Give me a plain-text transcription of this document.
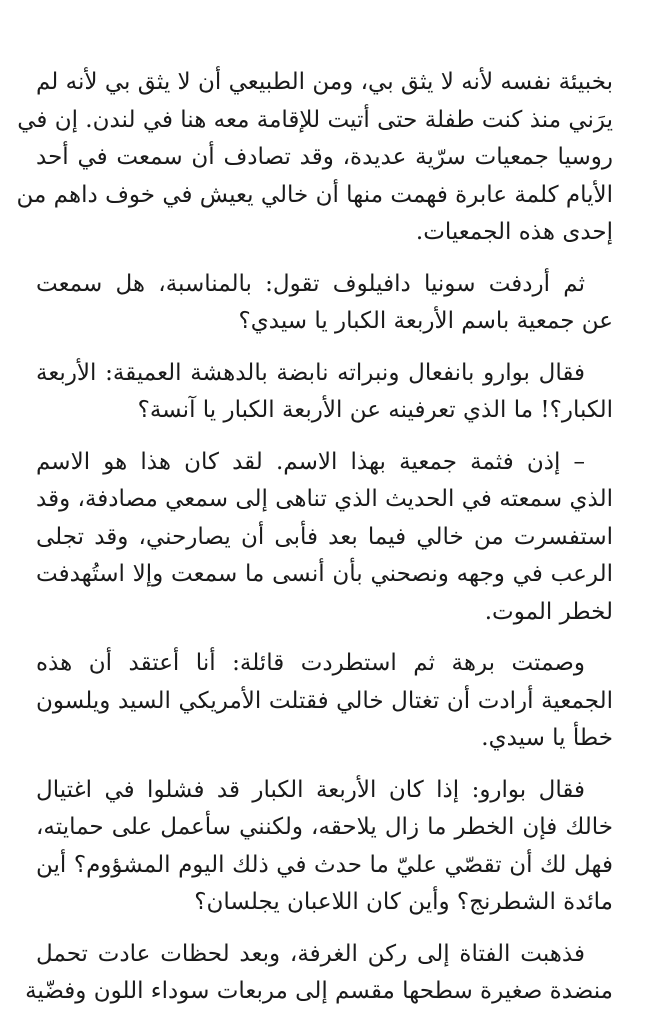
بخبيئة نفسه لأنه لا يثق بي، ومن الطبيعي أن لا يثق بي لأنه لم
يرَني منذ كنت طفلة حتى أتيت للإقامة معه هنا في لندن. إن في
روسيا جمعيات سرّية عديدة، وقد تصادف أن سمعت في أحد
الأيام كلمة عابرة فهمت منها أن خالي يعيش في خوف داهم من
إحدى هذه الجمعيات.

ثم أردفت سونيا دافيلوف تقول: بالمناسبة، هل سمعت
عن جمعية باسم الأربعة الكبار يا سيدي؟

فقال بوارو بانفعال ونبراته نابضة بالدهشة العميقة: الأربعة
الكبار؟! ما الذي تعرفينه عن الأربعة الكبار يا آنسة؟

– إذن فثمة جمعية بهذا الاسم. لقد كان هذا هو الاسم
الذي سمعته في الحديث الذي تناهى إلى سمعي مصادفة، وقد
استفسرت من خالي فيما بعد فأبى أن يصارحني، وقد تجلى
الرعب في وجهه ونصحني بأن أنسى ما سمعت وإلا استُهدفت
لخطر الموت.

وصمتت برهة ثم استطردت قائلة: أنا أعتقد أن هذه
الجمعية أرادت أن تغتال خالي فقتلت الأمريكي السيد ويلسون
خطأ يا سيدي.

فقال بوارو: إذا كان الأربعة الكبار قد فشلوا في اغتيال
خالك فإن الخطر ما زال يلاحقه، ولكنني سأعمل على حمايته،
فهل لك أن تقصّي عليّ ما حدث في ذلك اليوم المشؤوم؟ أين
مائدة الشطرنج؟ وأين كان اللاعبان يجلسان؟

فذهبت الفتاة إلى ركن الغرفة، وبعد لحظات عادت تحمل
منضدة صغيرة سطحها مقسم إلى مربعات سوداء اللون وفضّية
